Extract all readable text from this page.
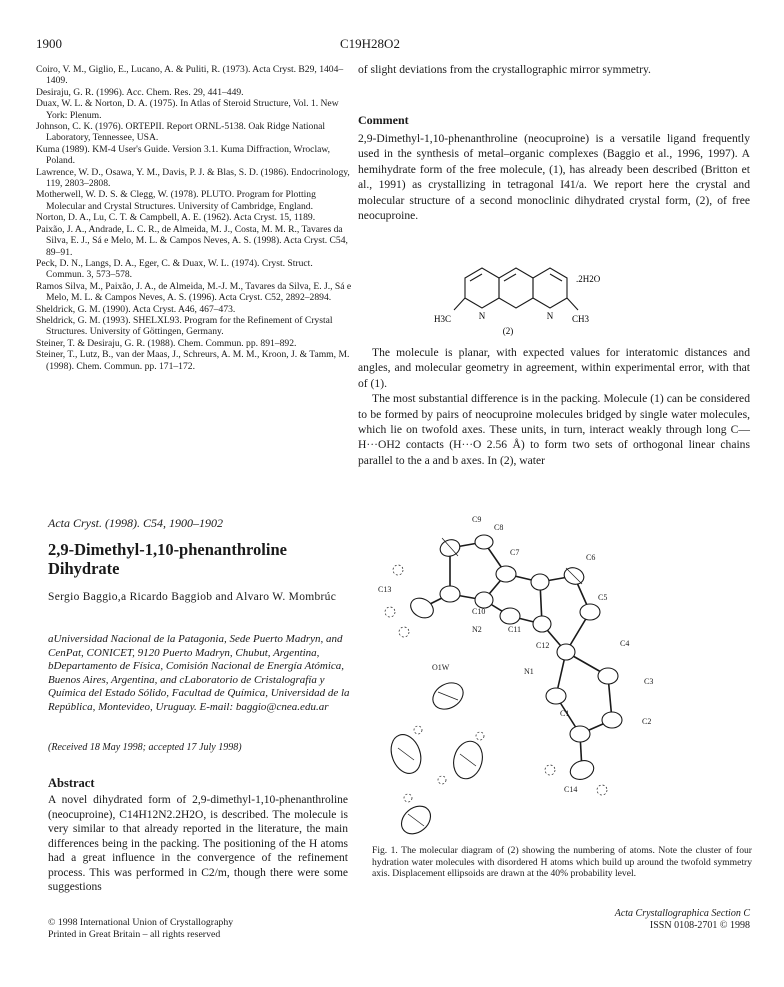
1900	C19H28O2

Coiro, V. M., Giglio, E., Lucano, A. & Puliti, R. (1973). Acta Cryst. B29, 1404–1409.

Desiraju, G. R. (1996). Acc. Chem. Res. 29, 441–449.

Duax, W. L. & Norton, D. A. (1975). In Atlas of Steroid Structure, Vol. 1. New York: Plenum.

Johnson, C. K. (1976). ORTEPII. Report ORNL-5138. Oak Ridge National Laboratory, Tennessee, USA.

Kuma (1989). KM-4 User's Guide. Version 3.1. Kuma Diffraction, Wroclaw, Poland.

Lawrence, W. D., Osawa, Y. M., Davis, P. J. & Blas, S. D. (1986). Endocrinology, 119, 2803–2808.

Motherwell, W. D. S. & Clegg, W. (1978). PLUTO. Program for Plotting Molecular and Crystal Structures. University of Cambridge, England.

Norton, D. A., Lu, C. T. & Campbell, A. E. (1962). Acta Cryst. 15, 1189.

Paixão, J. A., Andrade, L. C. R., de Almeida, M. J., Costa, M. M. R., Tavares da Silva, E. J., Sá e Melo, M. L. & Campos Neves, A. S. (1998). Acta Cryst. C54, 89–91.

Peck, D. N., Langs, D. A., Eger, C. & Duax, W. L. (1974). Cryst. Struct. Commun. 3, 573–578.

Ramos Silva, M., Paixão, J. A., de Almeida, M.-J. M., Tavares da Silva, E. J., Sá e Melo, M. L. & Campos Neves, A. S. (1996). Acta Cryst. C52, 2892–2894.

Sheldrick, G. M. (1990). Acta Cryst. A46, 467–473.

Sheldrick, G. M. (1993). SHELXL93. Program for the Refinement of Crystal Structures. University of Göttingen, Germany.

Steiner, T. & Desiraju, G. R. (1988). Chem. Commun. pp. 891–892.

Steiner, T., Lutz, B., van der Maas, J., Schreurs, A. M. M., Kroon, J. & Tamm, M. (1998). Chem. Commun. pp. 171–172.

of slight deviations from the crystallographic mirror symmetry.
Comment

2,9-Dimethyl-1,10-phenanthroline (neocuproine) is a versatile ligand frequently used in the synthesis of metal–organic complexes (Baggio et al., 1996, 1997). A hemihydrate form of the free molecule, (1), has already been described (Britton et al., 1991) as crystallizing in tetragonal I41/a. We report here the crystal and molecular structure of a second monoclinic dihydrated crystal form, (2), of free neocuproine.

N	N
.2H2O
H3C	CH3
(2)

The molecule is planar, with expected values for interatomic distances and angles, and molecular geometry in agreement, within experimental error, with that of (1).

The most substantial difference is in the packing. Molecule (1) can be considered to be formed by pairs of neocuproine molecules bridged by single water molecules, which lie on twofold axes. These units, in turn, interact weakly through long C—H···OH2 contacts (H···O 2.56 Å) to form two sets of orthogonal linear chains parallel to the a and b axes. In (2), water

Acta Cryst. (1998). C54, 1900–1902
2,9-Dimethyl-1,10-phenanthroline Dihydrate
Sergio Baggio,a Ricardo Baggiob and Alvaro W. Mombrúc
aUniversidad Nacional de la Patagonia, Sede Puerto Madryn, and CenPat, CONICET, 9120 Puerto Madryn, Chubut, Argentina, bDepartamento de Física, Comisión Nacional de Energía Atómica, Buenos Aires, Argentina, and cLaboratorio de Cristalografía y Química del Estado Sólido, Facultad de Química, Universidad de la República, Montevideo, Uruguay. E-mail: baggio@cnea.edu.ar
(Received 18 May 1998; accepted 17 July 1998)
Abstract

A novel dihydrated form of 2,9-dimethyl-1,10-phenanthroline (neocuproine), C14H12N2.2H2O, is described. The molecule is very similar to that already reported in the literature, the main differences being in the packing. The positioning of the H atoms had a great influence in the convergence of the refinement process. This was performed in C2/m, though there were some suggestions

C9
C8
C7
C6
C13
C10
C5
N2	C11
C12	C4
N1
C3
O1W
C1
C2
C14

Fig. 1. The molecular diagram of (2) showing the numbering of atoms. Note the cluster of four hydration water molecules with disordered H atoms which build up around the twofold symmetry axis. Displacement ellipsoids are drawn at the 40% probability level.

© 1998 International Union of Crystallography
Printed in Great Britain – all rights reserved
Acta Crystallographica Section C
ISSN 0108-2701 © 1998
